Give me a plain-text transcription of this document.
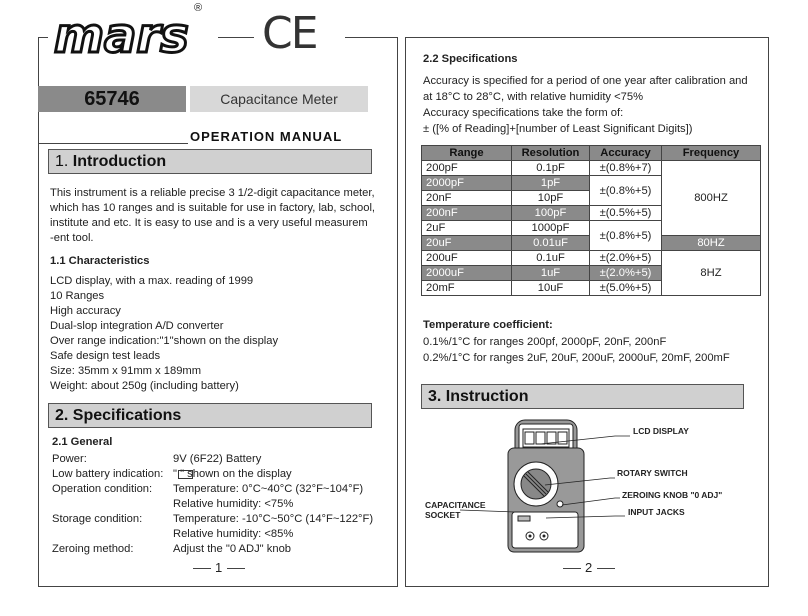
mars ® CE
65746	Capacitance Meter
OPERATION MANUAL
1. Introduction
This instrument is a reliable precise 3 1/2-digit capacitance meter,
which has 10 ranges and is suitable for use in factory, lab, school,
institute and etc. It is easy to use and is a very useful measurem
-ent tool.
1.1 Characteristics
LCD display, with a max. reading of 1999
10 Ranges
High accuracy
Dual-slop integration A/D converter
Over range indication:"1"shown on the display
Safe design test leads
Size: 35mm x 91mm x 189mm
Weight: about 250g (including battery)
2. Specifications
2.1 General
Power:	9V (6F22) Battery
Low battery indication: " " shown on the display
Operation condition:	Temperature: 0°C~40°C (32°F~104°F)
Relative humidity: <75%
Storage condition:	Temperature: -10°C~50°C (14°F~122°F)
Relative humidity: <85%
Zeroing method:	Adjust the "0 ADJ" knob
1
2.2 Specifications
Accuracy is specified for a period of one year after calibration and
at 18°C to 28°C, with relative humidity <75%
Accuracy specifications take the form of:
± ([% of Reading]+[number of Least Significant Digits])
Range	Resolution	Accuracy	Frequency
200pF	0.1pF	±(0.8%+7)	800HZ
2000pF	1pF	±(0.8%+5)	
20nF	10pF		
200nF	100pF	±(0.5%+5)	
2uF	1000pF	±(0.8%+5)	
20uF	0.01uF		80HZ
200uF	0.1uF	±(2.0%+5)	8HZ
2000uF	1uF	±(2.0%+5)	
20mF	10uF	±(5.0%+5)	
Temperature coefficient:
0.1%/1°C for ranges 200pf, 2000pF, 20nF, 200nF
0.2%/1°C for ranges 2uF, 20uF, 200uF, 2000uF, 20mF, 200mF
3. Instruction
LCD DISPLAY
ROTARY SWITCH
ZEROING KNOB "0 ADJ"
INPUT JACKS
CAPACITANCE
SOCKET
2
